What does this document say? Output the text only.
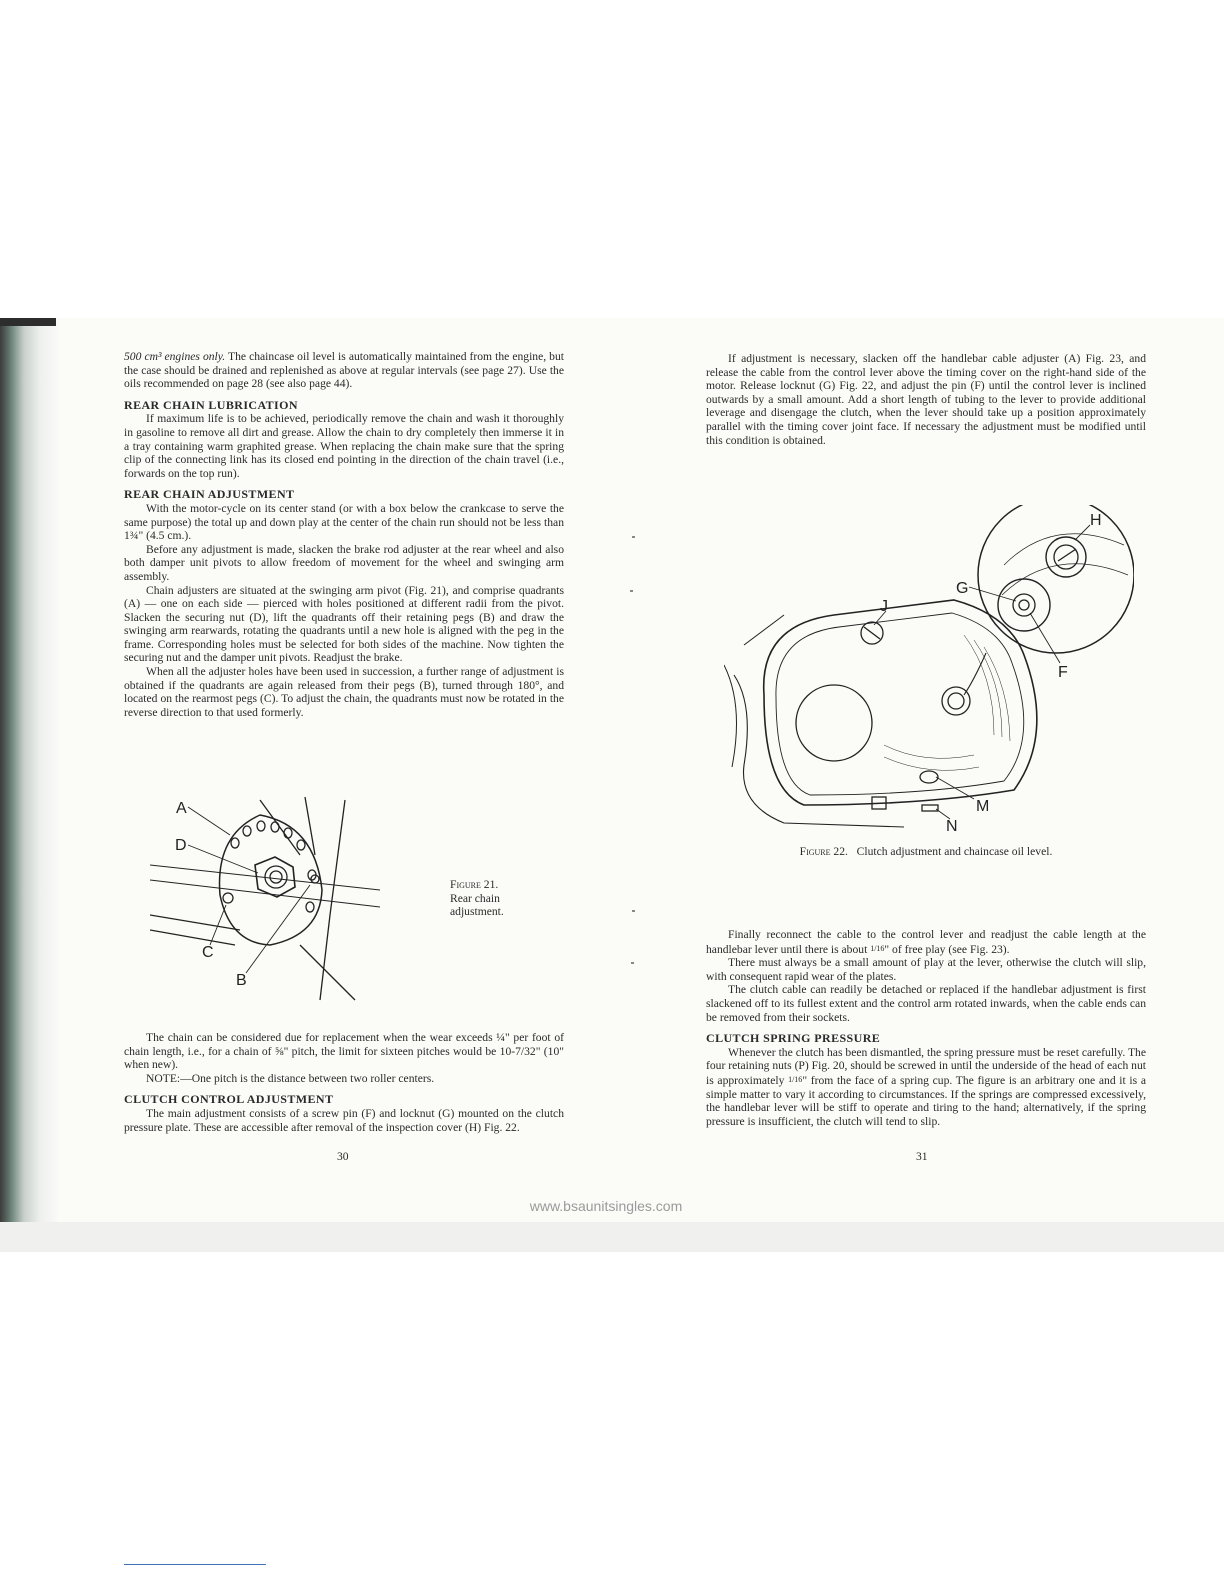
500 cm³ engines only. The chaincase oil level is automatically maintained from the engine, but the case should be drained and replenished as above at regular intervals (see page 27). Use the oils recommended on page 28 (see also page 44).

REAR CHAIN LUBRICATION

If maximum life is to be achieved, periodically remove the chain and wash it thoroughly in gasoline to remove all dirt and grease. Allow the chain to dry completely then immerse it in a tray containing warm graphited grease. When replacing the chain make sure that the spring clip of the connecting link has its closed end pointing in the direction of the chain travel (i.e., forwards on the top run).

REAR CHAIN ADJUSTMENT

With the motor-cycle on its center stand (or with a box below the crankcase to serve the same purpose) the total up and down play at the center of the chain run should not be less than 1¾" (4.5 cm.).

Before any adjustment is made, slacken the brake rod adjuster at the rear wheel and also both damper unit pivots to allow freedom of movement for the wheel and swinging arm assembly.

Chain adjusters are situated at the swinging arm pivot (Fig. 21), and comprise quadrants (A) — one on each side — pierced with holes positioned at different radii from the pivot. Slacken the securing nut (D), lift the quadrants off their retaining pegs (B) and draw the swinging arm rearwards, rotating the quadrants until a new hole is aligned with the peg in the frame. Corresponding holes must be selected for both sides of the machine. Now tighten the securing nut and the damper unit pivots. Readjust the brake.

When all the adjuster holes have been used in succession, a further range of adjustment is obtained if the quadrants are again released from their pegs (B), turned through 180°, and located on the rearmost pegs (C). To adjust the chain, the quadrants must now be rotated in the reverse direction to that used formerly.

A
D
C
B
Figure 21.
Rear chain
adjustment.

The chain can be considered due for replacement when the wear exceeds ¼" per foot of chain length, i.e., for a chain of ⅝" pitch, the limit for sixteen pitches would be 10-7/32" (10" when new).

NOTE:—One pitch is the distance between two roller centers.

CLUTCH CONTROL ADJUSTMENT

The main adjustment consists of a screw pin (F) and locknut (G) mounted on the clutch pressure plate. These are accessible after removal of the inspection cover (H) Fig. 22.

30

If adjustment is necessary, slacken off the handlebar cable adjuster (A) Fig. 23, and release the cable from the control lever above the timing cover on the right-hand side of the motor. Release locknut (G) Fig. 22, and adjust the pin (F) until the control lever is inclined outwards by a small amount. Add a short length of tubing to the lever to provide additional leverage and disengage the clutch, when the lever should take up a position approximately parallel with the timing cover joint face. If necessary the adjustment must be modified until this condition is obtained.

H
G
J
F
M
N
Figure 22. Clutch adjustment and chaincase oil level.

Finally reconnect the cable to the control lever and readjust the cable length at the handlebar lever until there is about 1/16" of free play (see Fig. 23).

There must always be a small amount of play at the lever, otherwise the clutch will slip, with consequent rapid wear of the plates.

The clutch cable can readily be detached or replaced if the handlebar adjustment is first slackened off to its fullest extent and the control arm rotated inwards, when the cable ends can be removed from their sockets.

CLUTCH SPRING PRESSURE

Whenever the clutch has been dismantled, the spring pressure must be reset carefully. The four retaining nuts (P) Fig. 20, should be screwed in until the underside of the head of each nut is approximately 1/16" from the face of a spring cup. The figure is an arbitrary one and it is a simple matter to vary it according to circumstances. If the springs are compressed excessively, the handlebar lever will be stiff to operate and tiring to the hand; alternatively, if the spring pressure is insufficient, the clutch will tend to slip.

31
www.bsaunitsingles.com
